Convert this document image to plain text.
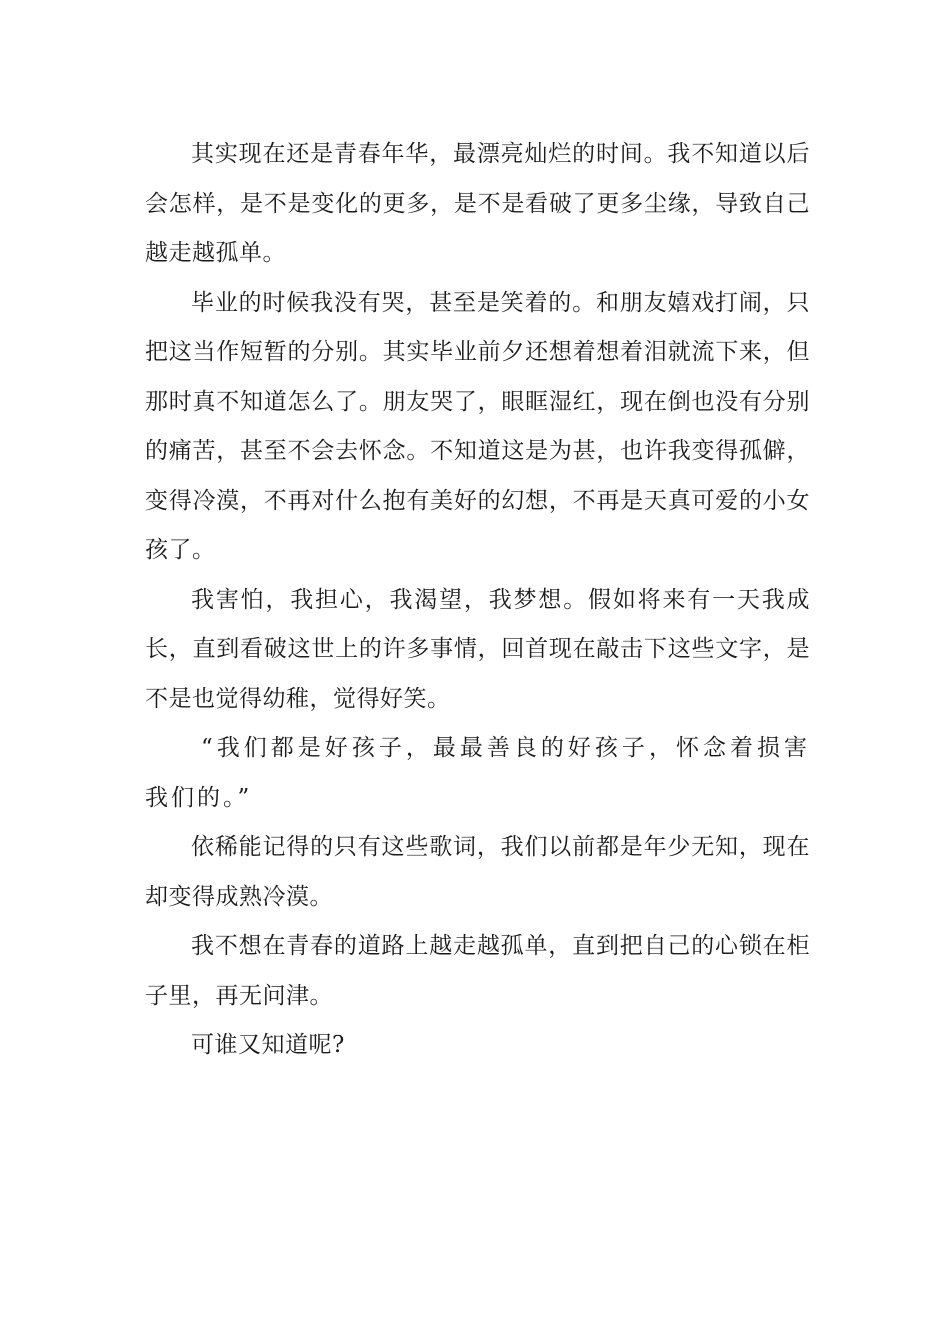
其实现在还是青春年华，最漂亮灿烂的时间。我不知道以后会怎样，是不是变化的更多，是不是看破了更多尘缘，导致自己越走越孤单。

毕业的时候我没有哭，甚至是笑着的。和朋友嬉戏打闹，只把这当作短暂的分别。其实毕业前夕还想着想着泪就流下来，但那时真不知道怎么了。朋友哭了，眼眶湿红，现在倒也没有分别的痛苦，甚至不会去怀念。不知道这是为甚，也许我变得孤僻，变得冷漠，不再对什么抱有美好的幻想，不再是天真可爱的小女孩了。

我害怕，我担心，我渴望，我梦想。假如将来有一天我成长，直到看破这世上的许多事情，回首现在敲击下这些文字，是不是也觉得幼稚，觉得好笑。

“我们都是好孩子，最最善良的好孩子，怀念着损害我们的。”

依稀能记得的只有这些歌词，我们以前都是年少无知，现在却变得成熟冷漠。

我不想在青春的道路上越走越孤单，直到把自己的心锁在柜子里，再无问津。

可谁又知道呢?
